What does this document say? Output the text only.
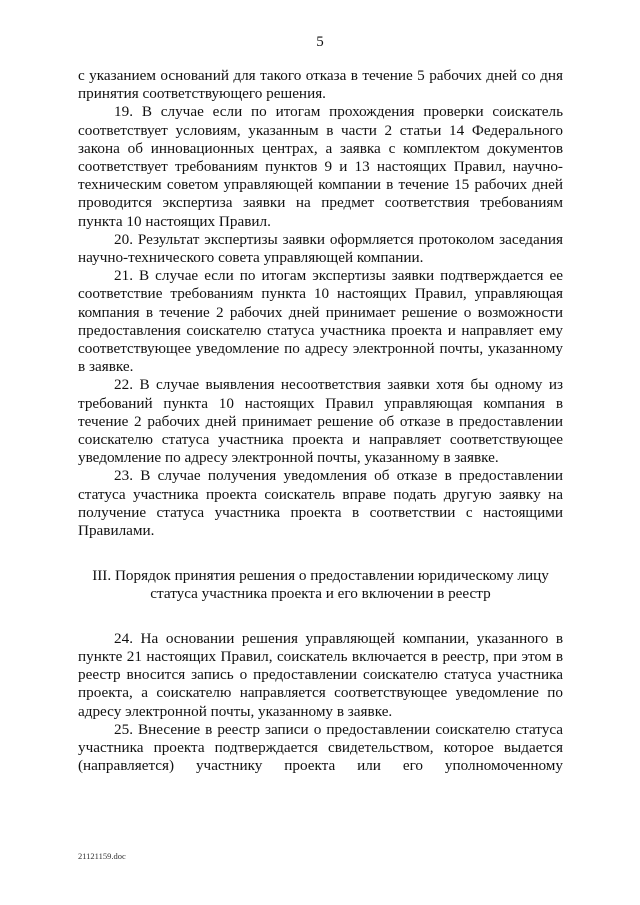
5

с указанием оснований для такого отказа в течение 5 рабочих дней со дня принятия соответствующего решения.

19. В случае если по итогам прохождения проверки соискатель соответствует условиям, указанным в части 2 статьи 14 Федерального закона об инновационных центрах, а заявка с комплектом документов соответствует требованиям пунктов 9 и 13 настоящих Правил, научно-техническим советом управляющей компании в течение 15 рабочих дней проводится экспертиза заявки на предмет соответствия требованиям пункта 10 настоящих Правил.

20. Результат экспертизы заявки оформляется протоколом заседания научно-технического совета управляющей компании.

21. В случае если по итогам экспертизы заявки подтверждается ее соответствие требованиям пункта 10 настоящих Правил, управляющая компания в течение 2 рабочих дней принимает решение о возможности предоставления соискателю статуса участника проекта и направляет ему соответствующее уведомление по адресу электронной почты, указанному в заявке.

22. В случае выявления несоответствия заявки хотя бы одному из требований пункта 10 настоящих Правил управляющая компания в течение 2 рабочих дней принимает решение об отказе в предоставлении соискателю статуса участника проекта и направляет соответствующее уведомление по адресу электронной почты, указанному в заявке.

23. В случае получения уведомления об отказе в предоставлении статуса участника проекта соискатель вправе подать другую заявку на получение статуса участника проекта в соответствии с настоящими Правилами.

III. Порядок принятия решения о предоставлении юридическому лицу
статуса участника проекта и его включении в реестр

24. На основании решения управляющей компании, указанного в пункте 21 настоящих Правил, соискатель включается в реестр, при этом в реестр вносится запись о предоставлении соискателю статуса участника проекта, а соискателю направляется соответствующее уведомление по адресу электронной почты, указанному в заявке.

25. Внесение в реестр записи о предоставлении соискателю статуса участника проекта подтверждается свидетельством, которое выдается (направляется) участнику проекта или его уполномоченному

21121159.doc
